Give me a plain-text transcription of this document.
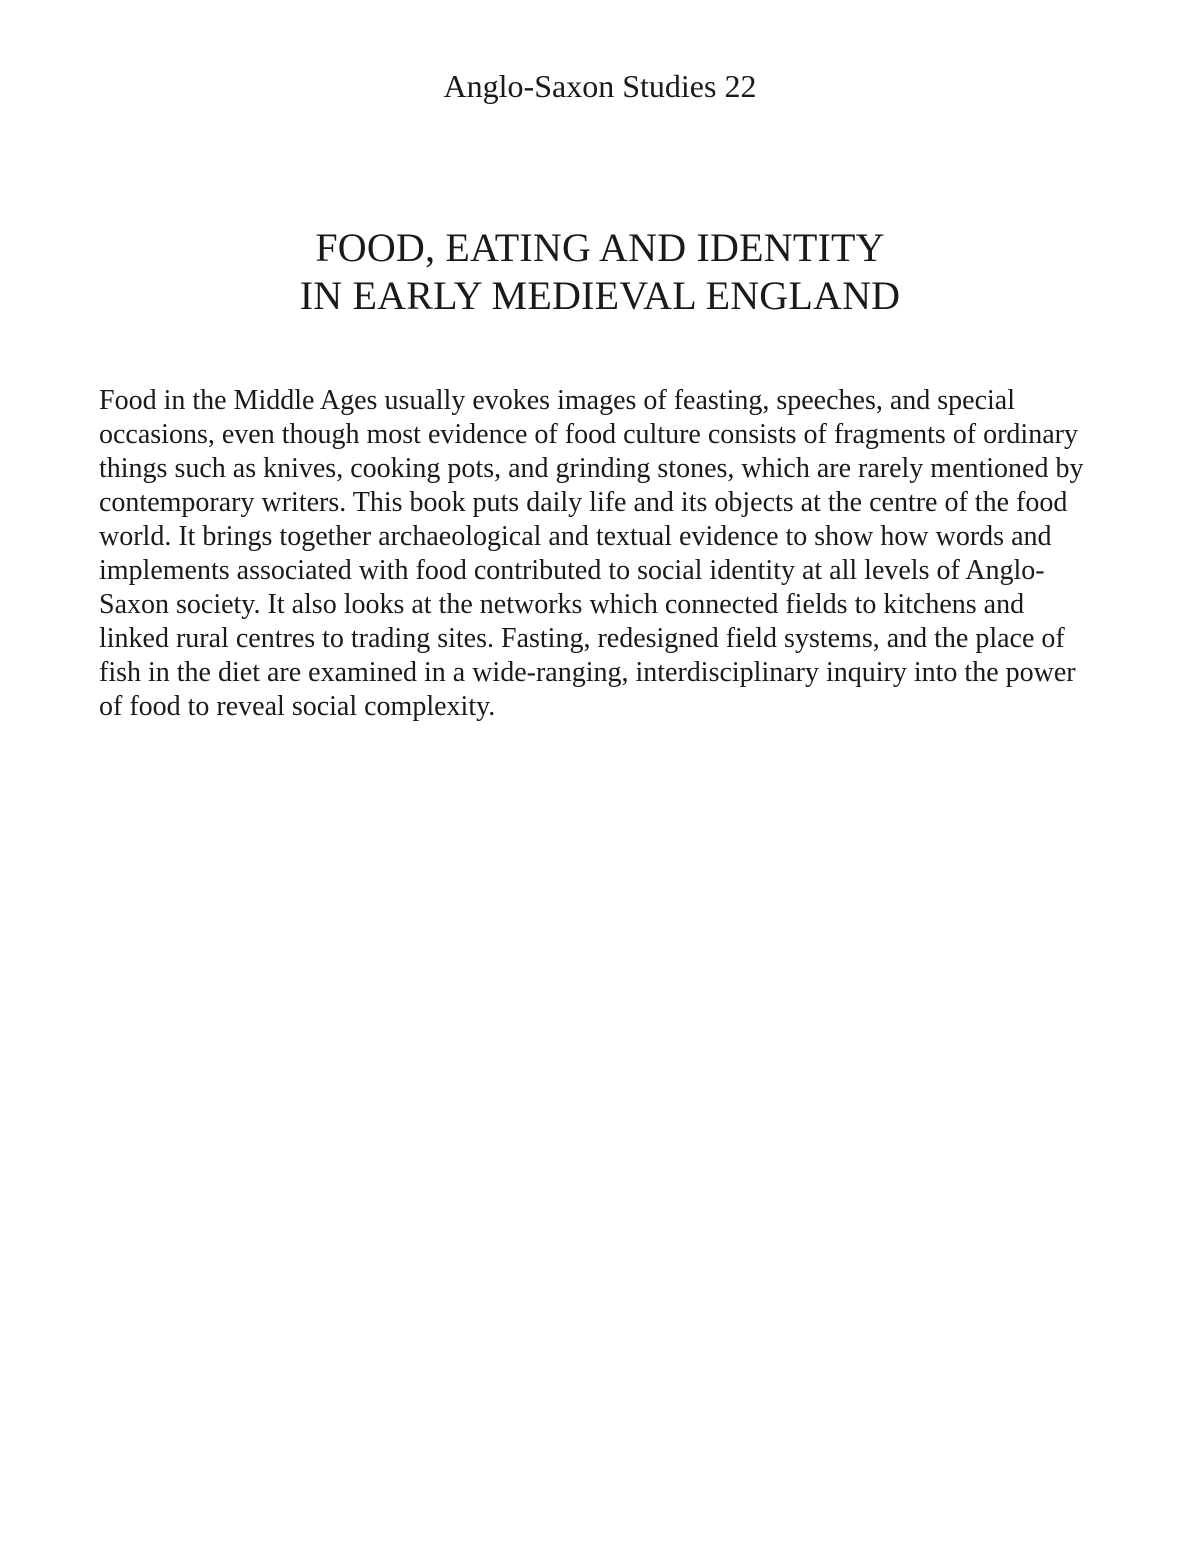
Anglo-Saxon Studies 22

FOOD, EATING AND IDENTITY
IN EARLY MEDIEVAL ENGLAND

Food in the Middle Ages usually evokes images of feasting, speeches, and special
occasions, even though most evidence of food culture consists of fragments of ordinary
things such as knives, cooking pots, and grinding stones, which are rarely mentioned by
contemporary writers. This book puts daily life and its objects at the centre of the food
world. It brings together archaeological and textual evidence to show how words and
implements associated with food contributed to social identity at all levels of Anglo-
Saxon society. It also looks at the networks which connected fields to kitchens and
linked rural centres to trading sites. Fasting, redesigned field systems, and the place of
fish in the diet are examined in a wide-ranging, interdisciplinary inquiry into the power
of food to reveal social complexity.
